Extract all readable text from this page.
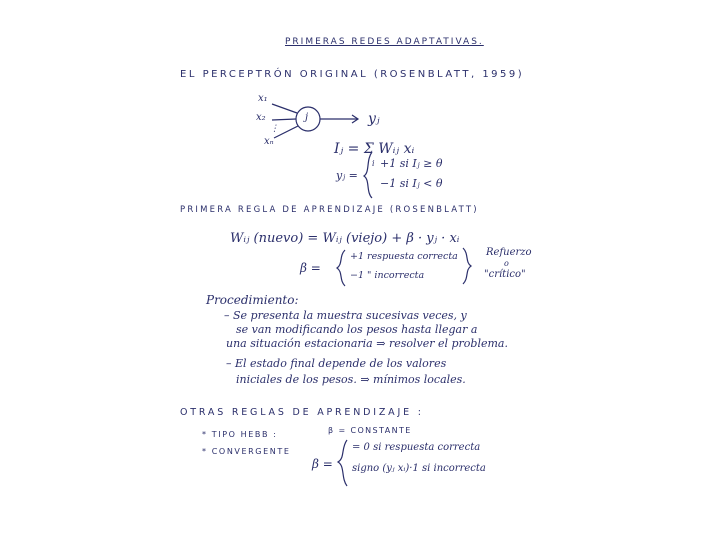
PRIMERAS REDES ADAPTATIVAS.
EL PERCEPTRÓN ORIGINAL (ROSENBLATT, 1959)
x₁
x₂
⋮
xₙ
j	yⱼ
Iⱼ = Σ Wᵢⱼ xᵢ
i
yⱼ =
+1 si Iⱼ ≥ θ
−1 si Iⱼ < θ
PRIMERA REGLA DE APRENDIZAJE (ROSENBLATT)
Wᵢⱼ (nuevo) = Wᵢⱼ (viejo) + β · yⱼ · xᵢ
β =
+1 respuesta correcta
−1 " incorrecta
Refuerzo
o
"crítico"
Procedimiento:
– Se presenta la muestra sucesivas veces, y
se van modificando los pesos hasta llegar a
una situación estacionaria ⇒ resolver el problema.
– El estado final depende de los valores
iniciales de los pesos. ⇒ mínimos locales.
OTRAS REGLAS DE APRENDIZAJE :
* TIPO HEBB :	β = CONSTANTE
* CONVERGENTE
β =
= 0 si respuesta correcta
signo (yⱼ xᵢ)·1 si incorrecta
